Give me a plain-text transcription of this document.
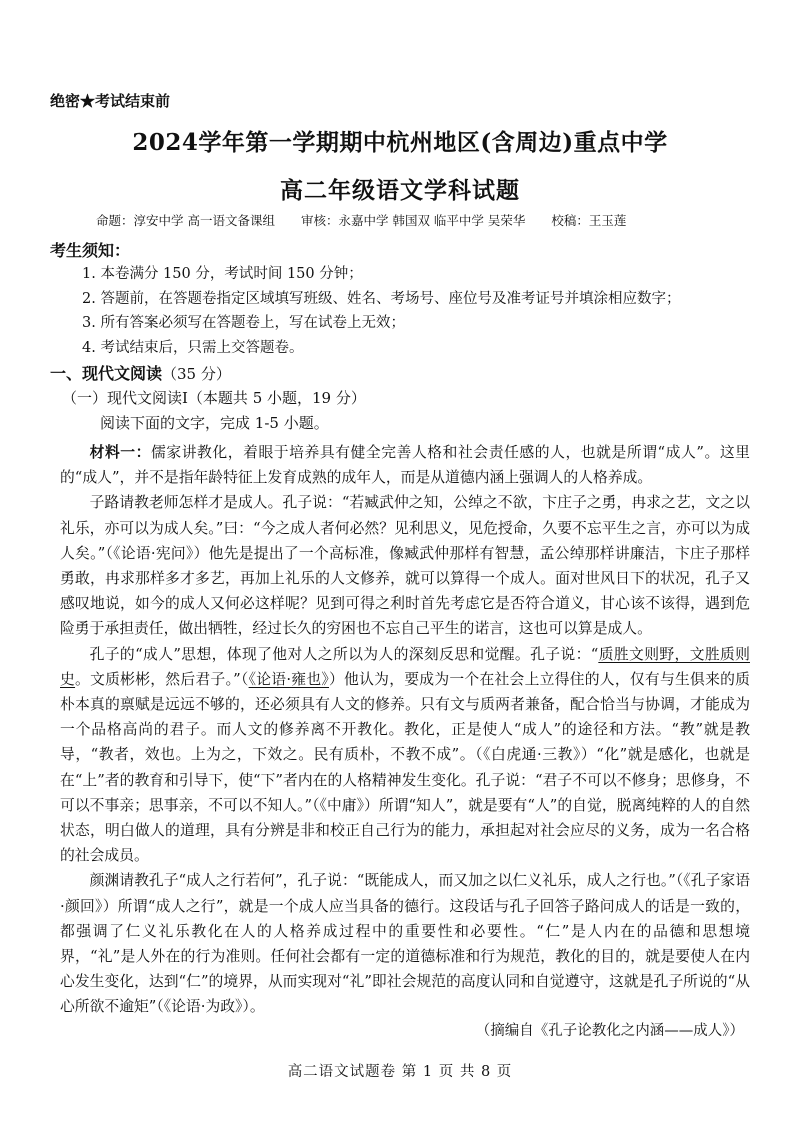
绝密★考试结束前
2024学年第一学期期中杭州地区(含周边)重点中学
高二年级语文学科试题
命题：淳安中学 高一语文备课组 审核：永嘉中学 韩国双 临平中学 吴荣华 校稿：王玉莲
考生须知：
1. 本卷满分 150 分，考试时间 150 分钟；
2. 答题前，在答题卷指定区域填写班级、姓名、考场号、座位号及准考证号并填涂相应数字；
3. 所有答案必须写在答题卷上，写在试卷上无效；
4. 考试结束后，只需上交答题卷。
一、现代文阅读（35 分）
（一）现代文阅读Ⅰ（本题共 5 小题，19 分）
阅读下面的文字，完成 1-5 小题。

材料一：儒家讲教化，着眼于培养具有健全完善人格和社会责任感的人，也就是所谓“成人”。这里的“成人”，并不是指年龄特征上发育成熟的成年人，而是从道德内涵上强调人的人格养成。

子路请教老师怎样才是成人。孔子说：“若臧武仲之知，公绰之不欲，卞庄子之勇，冉求之艺，文之以礼乐，亦可以为成人矣。”曰：“今之成人者何必然？见利思义，见危授命，久要不忘平生之言，亦可以为成人矣。”（《论语·宪问》）他先是提出了一个高标准，像臧武仲那样有智慧，孟公绰那样讲廉洁，卞庄子那样勇敢，冉求那样多才多艺，再加上礼乐的人文修养，就可以算得一个成人。面对世风日下的状况，孔子又感叹地说，如今的成人又何必这样呢？见到可得之利时首先考虑它是否符合道义，甘心该不该得，遇到危险勇于承担责任，做出牺牲，经过长久的穷困也不忘自己平生的诺言，这也可以算是成人。

孔子的“成人”思想，体现了他对人之所以为人的深刻反思和觉醒。孔子说：“质胜文则野，文胜质则史。文质彬彬，然后君子。”（《论语·雍也》）他认为，要成为一个在社会上立得住的人，仅有与生俱来的质朴本真的禀赋是远远不够的，还必须具有人文的修养。只有文与质两者兼备，配合恰当与协调，才能成为一个品格高尚的君子。而人文的修养离不开教化。教化，正是使人“成人”的途径和方法。“教”就是教导，“教者，效也。上为之，下效之。民有质朴，不教不成”。（《白虎通·三教》）“化”就是感化，也就是在“上”者的教育和引导下，使“下”者内在的人格精神发生变化。孔子说：“君子不可以不修身；思修身，不可以不事亲；思事亲，不可以不知人。”（《中庸》）所谓“知人”，就是要有“人”的自觉，脱离纯粹的人的自然状态，明白做人的道理，具有分辨是非和校正自己行为的能力，承担起对社会应尽的义务，成为一名合格的社会成员。

颜渊请教孔子“成人之行若何”，孔子说：“既能成人，而又加之以仁义礼乐，成人之行也。”（《孔子家语·颜回》）所谓“成人之行”，就是一个成人应当具备的德行。这段话与孔子回答子路问成人的话是一致的，都强调了仁义礼乐教化在人的人格养成过程中的重要性和必要性。“仁”是人内在的品德和思想境界，“礼”是人外在的行为准则。任何社会都有一定的道德标准和行为规范，教化的目的，就是要使人在内心发生变化，达到“仁”的境界，从而实现对“礼”即社会规范的高度认同和自觉遵守，这就是孔子所说的“从心所欲不逾矩”（《论语·为政》）。

（摘编自《孔子论教化之内涵——成人》）
高二语文试题卷 第 1 页 共 8 页
